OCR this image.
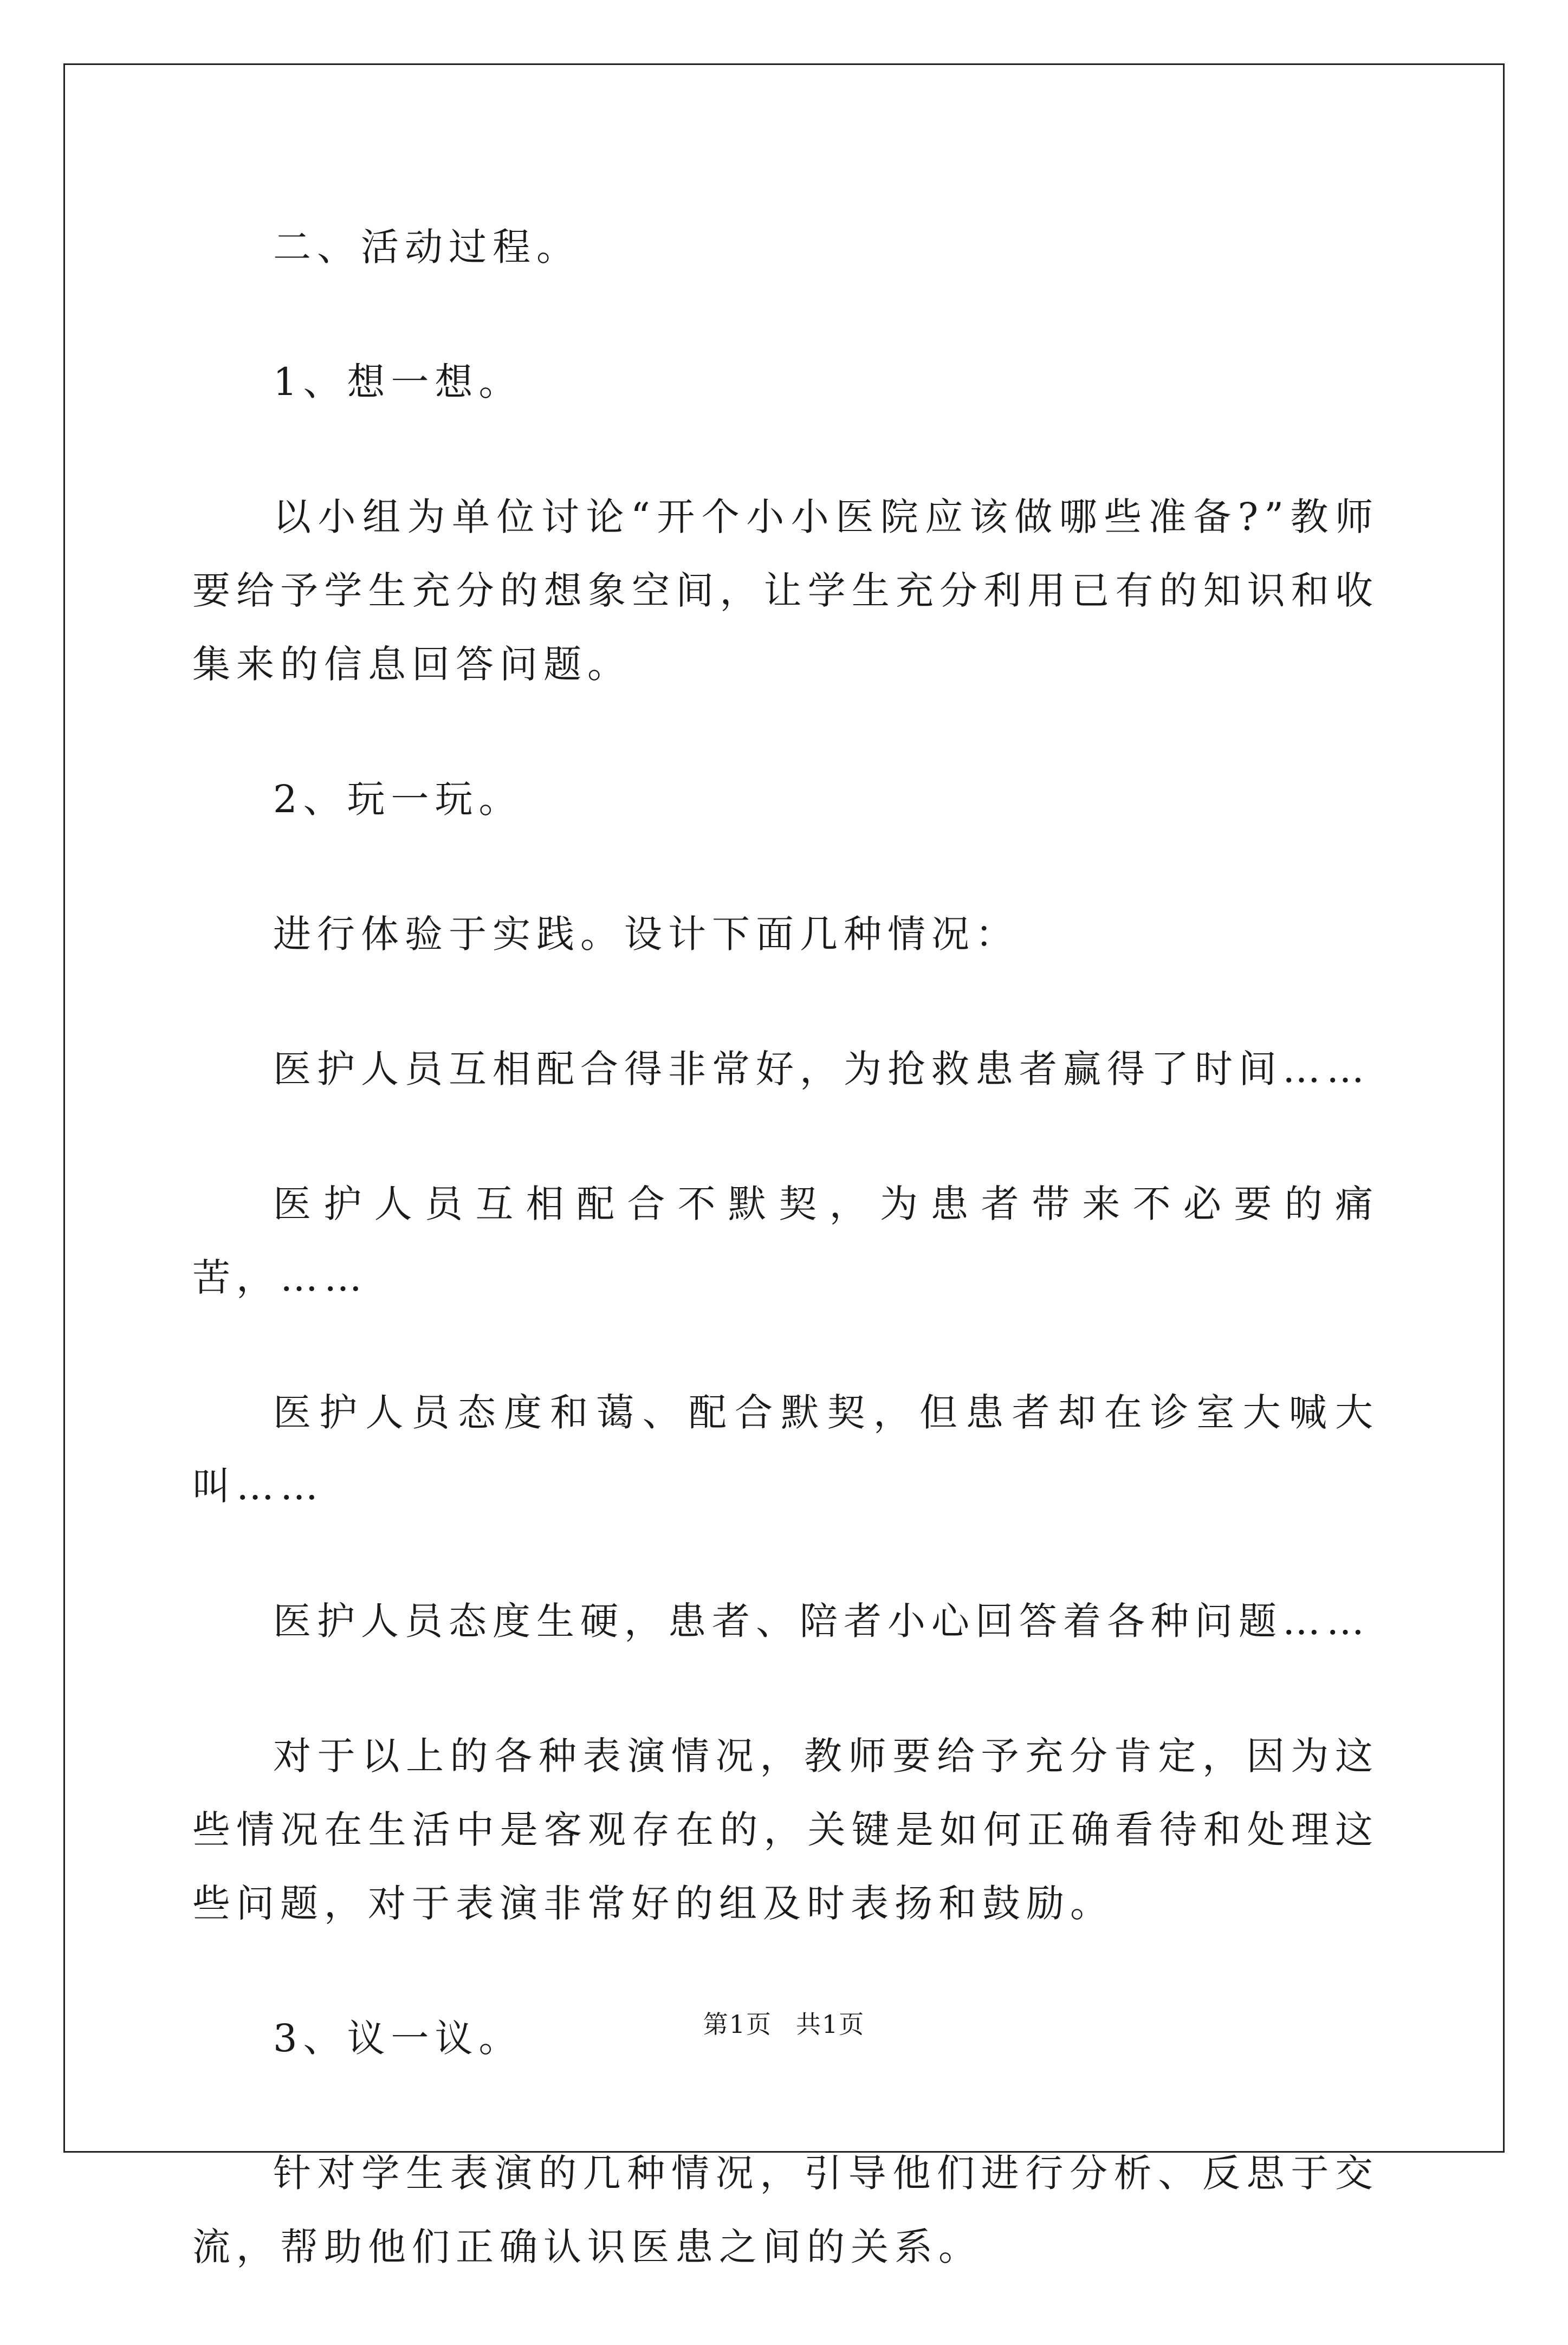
二、活动过程。

1、想一想。

以小组为单位讨论“开个小小医院应该做哪些准备?”教师要给予学生充分的想象空间，让学生充分利用已有的知识和收集来的信息回答问题。

2、玩一玩。

进行体验于实践。设计下面几种情况：

医护人员互相配合得非常好，为抢救患者赢得了时间……

医护人员互相配合不默契，为患者带来不必要的痛苦，……

医护人员态度和蔼、配合默契，但患者却在诊室大喊大叫……

医护人员态度生硬，患者、陪者小心回答着各种问题……

对于以上的各种表演情况，教师要给予充分肯定，因为这些情况在生活中是客观存在的，关键是如何正确看待和处理这些问题，对于表演非常好的组及时表扬和鼓励。

3、议一议。

针对学生表演的几种情况，引导他们进行分析、反思于交流，帮助他们正确认识医患之间的关系。

第1页 共1页
